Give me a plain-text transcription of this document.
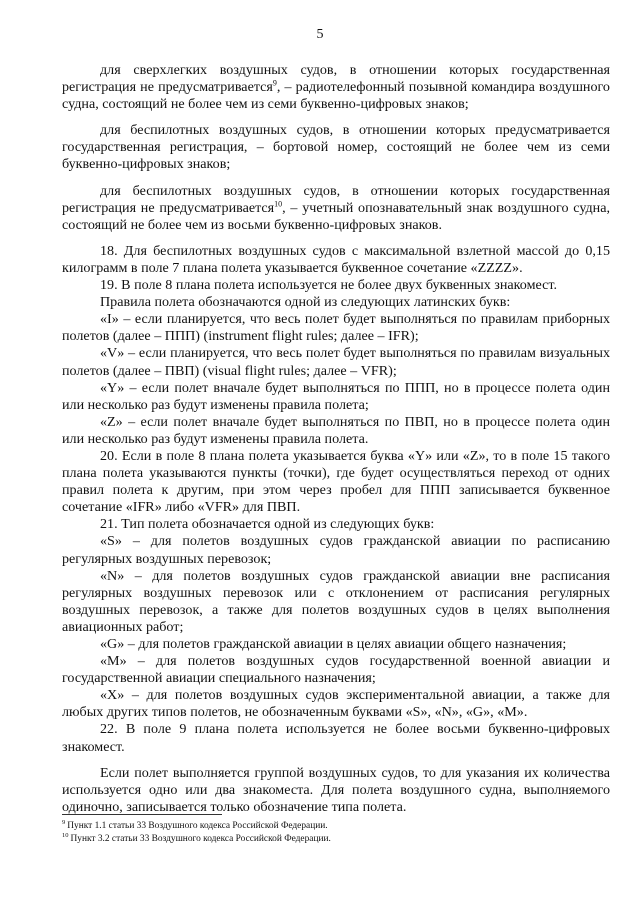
5

для сверхлегких воздушных судов, в отношении которых государственная регистрация не предусматривается$^9$, – радиотелефонный позывной командира воздушного судна, состоящий не более чем из семи буквенно-цифровых знаков;

для беспилотных воздушных судов, в отношении которых предусматривается государственная регистрация, – бортовой номер, состоящий не более чем из семи буквенно-цифровых знаков;

для беспилотных воздушных судов, в отношении которых государственная регистрация не предусматривается$^{10}$, – учетный опознавательный знак воздушного судна, состоящий не более чем из восьми буквенно-цифровых знаков.

18. Для беспилотных воздушных судов с максимальной взлетной массой до 0,15 килограмм в поле 7 плана полета указывается буквенное сочетание «ZZZZ».

19. В поле 8 плана полета используется не более двух буквенных знакомест.

Правила полета обозначаются одной из следующих латинских букв:

«I» – если планируется, что весь полет будет выполняться по правилам приборных полетов (далее – ППП) (instrument flight rules; далее – IFR);

«V» – если планируется, что весь полет будет выполняться по правилам визуальных полетов (далее – ПВП) (visual flight rules; далее – VFR);

«Y» – если полет вначале будет выполняться по ППП, но в процессе полета один или несколько раз будут изменены правила полета;

«Z» – если полет вначале будет выполняться по ПВП, но в процессе полета один или несколько раз будут изменены правила полета.

20. Если в поле 8 плана полета указывается буква «Y» или «Z», то в поле 15 такого плана полета указываются пункты (точки), где будет осуществляться переход от одних правил полета к другим, при этом через пробел для ППП записывается буквенное сочетание «IFR» либо «VFR» для ПВП.

21. Тип полета обозначается одной из следующих букв:

«S» – для полетов воздушных судов гражданской авиации по расписанию регулярных воздушных перевозок;

«N» – для полетов воздушных судов гражданской авиации вне расписания регулярных воздушных перевозок или с отклонением от расписания регулярных воздушных перевозок, а также для полетов воздушных судов в целях выполнения авиационных работ;

«G» – для полетов гражданской авиации в целях авиации общего назначения;

«M» – для полетов воздушных судов государственной военной авиации и государственной авиации специального назначения;

«X» – для полетов воздушных судов экспериментальной авиации, а также для любых других типов полетов, не обозначенным буквами «S», «N», «G», «M».

22. В поле 9 плана полета используется не более восьми буквенно-цифровых знакомест.

Если полет выполняется группой воздушных судов, то для указания их количества используется одно или два знакоместа. Для полета воздушного судна, выполняемого одиночно, записывается только обозначение типа полета.

$^9$ Пункт 1.1 статьи 33 Воздушного кодекса Российской Федерации.

$^{10}$ Пункт 3.2 статьи 33 Воздушного кодекса Российской Федерации.
